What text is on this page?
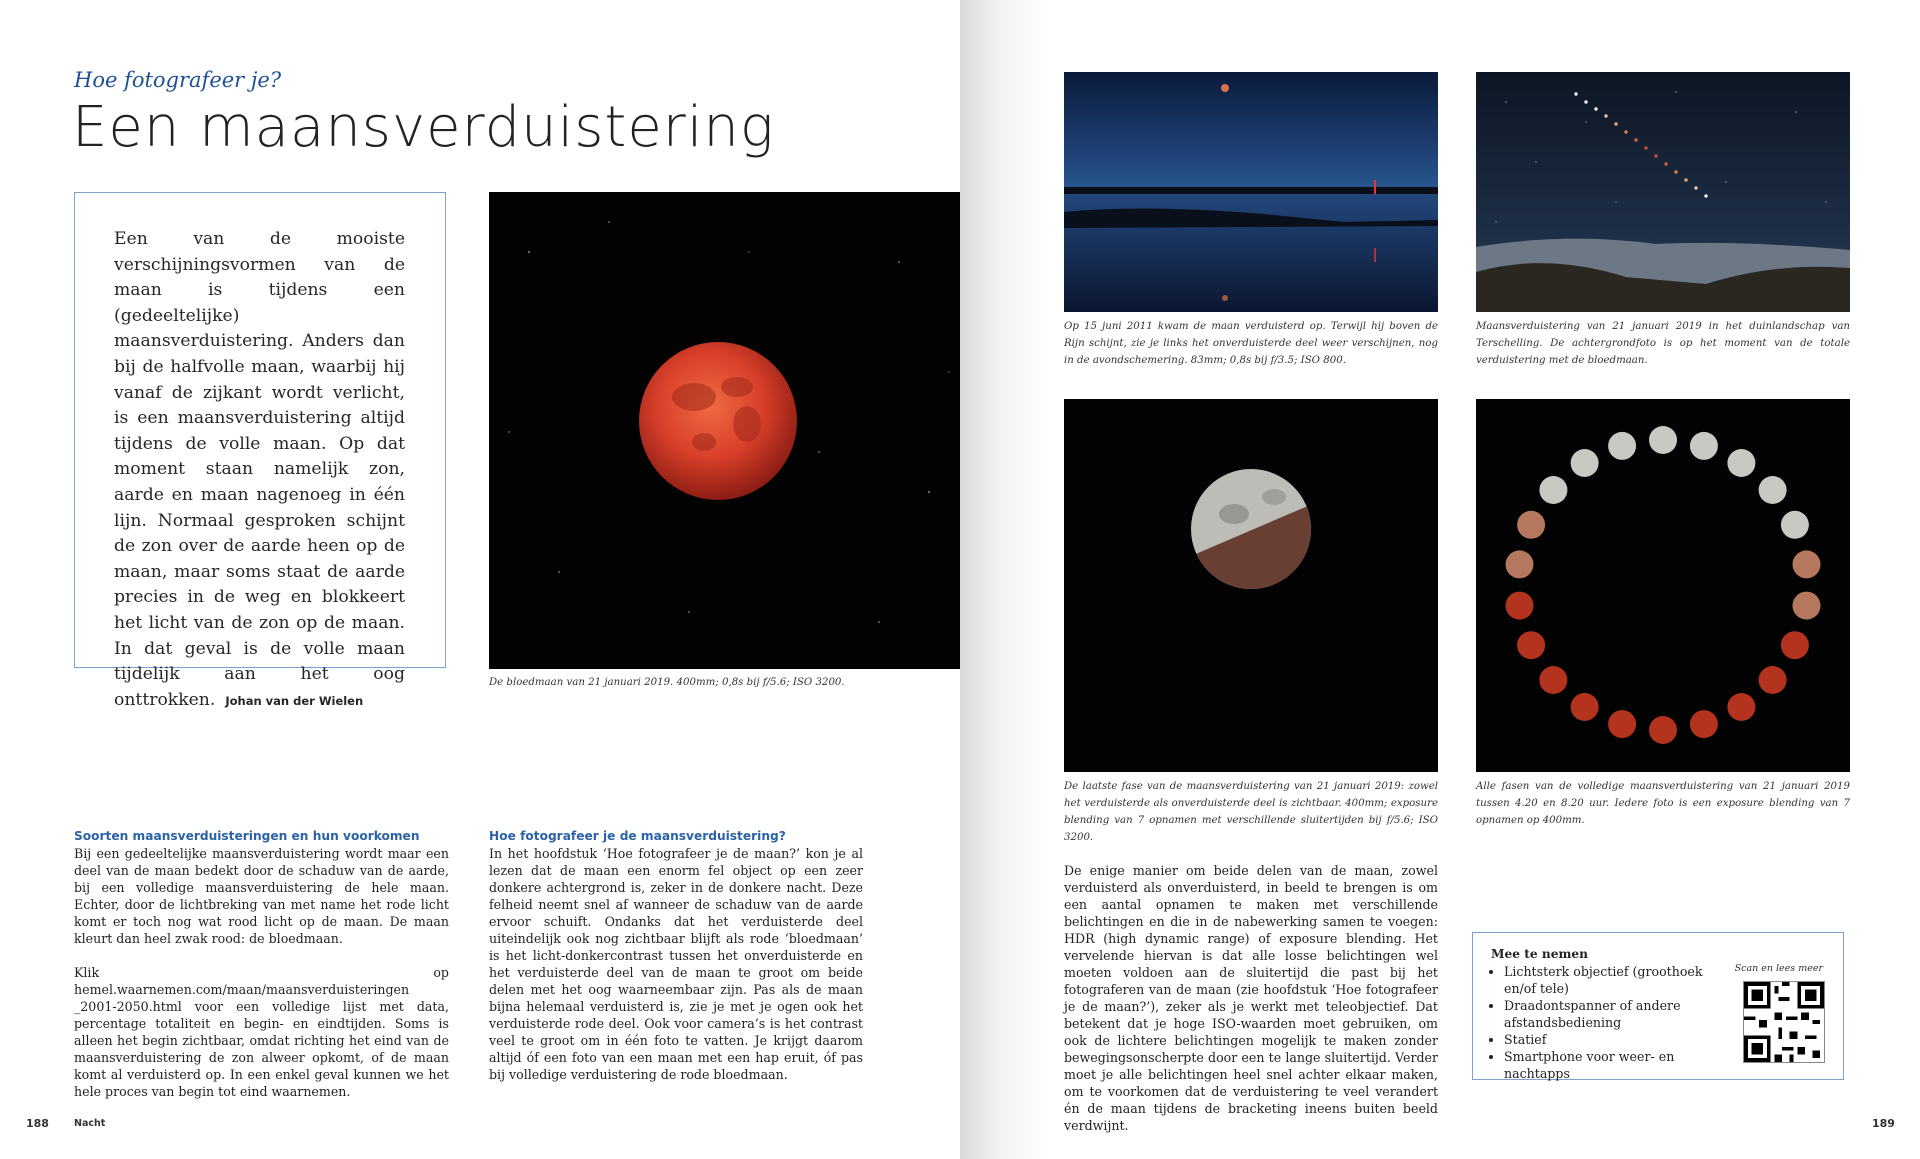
Hoe fotografeer je?
Een maansverduistering

Een van de mooiste verschijningsvormen van de maan is tijdens een (gedeeltelijke) maansverduistering. Anders dan bij de halfvolle maan, waarbij hij vanaf de zijkant wordt verlicht, is een maansverduistering altijd tijdens de volle maan. Op dat moment staan namelijk zon, aarde en maan nagenoeg in één lijn. Normaal gesproken schijnt de zon over de aarde heen op de maan, maar soms staat de aarde precies in de weg en blokkeert het licht van de zon op de maan. In dat geval is de volle maan tijdelijk aan het oog onttrokken. Johan van der Wielen

De bloedmaan van 21 januari 2019. 400mm; 0,8s bij f/5.6; ISO 3200.
Soorten maansverduisteringen en hun voorkomen

Bij een gedeeltelijke maansverduistering wordt maar een deel van de maan bedekt door de schaduw van de aarde, bij een volledige maansverduistering de hele maan. Echter, door de lichtbreking van met name het rode licht komt er toch nog wat rood licht op de maan. De maan kleurt dan heel zwak rood: de bloedmaan.

Klik op hemel.waarnemen.com/maan/maansverduisteringen _2001-2050.html voor een volledige lijst met data, percentage totaliteit en begin- en eindtijden. Soms is alleen het begin zichtbaar, omdat richting het eind van de maansverduistering de zon alweer opkomt, of de maan komt al verduisterd op. In een enkel geval kunnen we het hele proces van begin tot eind waarnemen.

Hoe fotografeer je de maansverduistering?

In het hoofdstuk ‘Hoe fotografeer je de maan?’ kon je al lezen dat de maan een enorm fel object op een zeer donkere achtergrond is, zeker in de donkere nacht. Deze felheid neemt snel af wanneer de schaduw van de aarde ervoor schuift. Ondanks dat het verduisterde deel uiteindelijk ook nog zichtbaar blijft als rode ‘bloedmaan’ is het licht-donkercontrast tussen het onverduisterde en het verduisterde deel van de maan te groot om beide delen met het oog waarneembaar zijn. Pas als de maan bijna helemaal verduisterd is, zie je met je ogen ook het verduisterde rode deel. Ook voor camera’s is het contrast veel te groot om in één foto te vatten. Je krijgt daarom altijd óf een foto van een maan met een hap eruit, óf pas bij volledige verduistering de rode bloedmaan.

188	Nacht
Op 15 juni 2011 kwam de maan verduisterd op. Terwijl hij boven de Rijn schijnt, zie je links het onverduisterde deel weer verschijnen, nog in de avondschemering. 83mm; 0,8s bij f/3.5; ISO 800.
Maansverduistering van 21 januari 2019 in het duinlandschap van Terschelling. De achtergrondfoto is op het moment van de totale verduistering met de bloedmaan.
De laatste fase van de maansverduistering van 21 januari 2019: zowel het verduisterde als onverduisterde deel is zichtbaar. 400mm; exposure blending van 7 opnamen met verschillende sluitertijden bij f/5.6; ISO 3200.
Alle fasen van de volledige maansverduistering van 21 januari 2019 tussen 4.20 en 8.20 uur. Iedere foto is een exposure blending van 7 opnamen op 400mm.

De enige manier om beide delen van de maan, zowel verduisterd als onverduisterd, in beeld te brengen is om een aantal opnamen te maken met verschillende belichtingen en die in de nabewerking samen te voegen: HDR (high dynamic range) of exposure blending. Het vervelende hiervan is dat alle losse belichtingen wel moeten voldoen aan de sluitertijd die past bij het fotograferen van de maan (zie hoofdstuk ‘Hoe fotografeer je de maan?’), zeker als je werkt met teleobjectief. Dat betekent dat je hoge ISO-waarden moet gebruiken, om ook de lichtere belichtingen mogelijk te maken zonder bewegingsonscherpte door een te lange sluitertijd. Verder moet je alle belichtingen heel snel achter elkaar maken, om te voorkomen dat de verduistering te veel verandert én de maan tijdens de bracketing ineens buiten beeld verdwijnt.

Mee te nemen
• Lichtsterk objectief (groothoek en/of tele)
• Draadontspanner of andere afstandsbediening
• Statief
• Smartphone voor weer- en nachtapps
Scan en lees meer
189
